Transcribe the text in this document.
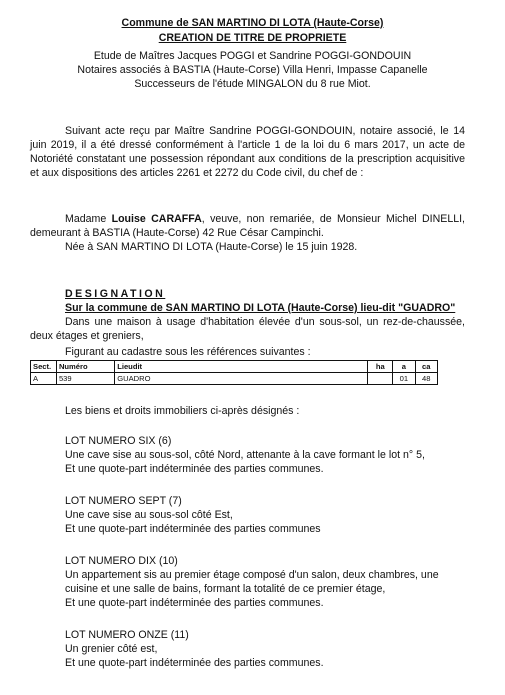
Commune de SAN MARTINO DI LOTA (Haute-Corse)
CREATION DE TITRE DE PROPRIETE
Etude de Maîtres Jacques POGGI et Sandrine POGGI-GONDOUIN
Notaires associés à BASTIA (Haute-Corse) Villa Henri, Impasse Capanelle
Successeurs de l'étude MINGALON du 8 rue Miot.
Suivant acte reçu par Maître Sandrine POGGI-GONDOUIN, notaire associé, le 14 juin 2019, il a été dressé conformément à l'article 1 de la loi du 6 mars 2017, un acte de Notoriété constatant une possession répondant aux conditions de la prescription acquisitive et aux dispositions des articles 2261 et 2272 du Code civil, du chef de :
Madame Louise CARAFFA, veuve, non remariée, de Monsieur Michel DINELLI, demeurant à BASTIA (Haute-Corse) 42 Rue César Campinchi.
Née à SAN MARTINO DI LOTA (Haute-Corse) le 15 juin 1928.
DESIGNATION
Sur la commune de SAN MARTINO DI LOTA (Haute-Corse) lieu-dit "GUADRO"
Dans une maison à usage d'habitation élevée d'un sous-sol, un rez-de-chaussée, deux étages et greniers,
Figurant au cadastre sous les références suivantes :
Sect.	Numéro	Lieudit	ha	a	ca
A	539	GUADRO		01	48
Les biens et droits immobiliers ci-après désignés :
LOT NUMERO SIX (6)
Une cave sise au sous-sol, côté Nord, attenante à la cave formant le lot n° 5,
Et une quote-part indéterminée des parties communes.
LOT NUMERO SEPT (7)
Une cave sise au sous-sol côté Est,
Et une quote-part indéterminée des parties communes
LOT NUMERO DIX (10)
Un appartement sis au premier étage composé d'un salon, deux chambres, une
cuisine et une salle de bains, formant la totalité de ce premier étage,
Et une quote-part indéterminée des parties communes.
LOT NUMERO ONZE (11)
Un grenier côté est,
Et une quote-part indéterminée des parties communes.
